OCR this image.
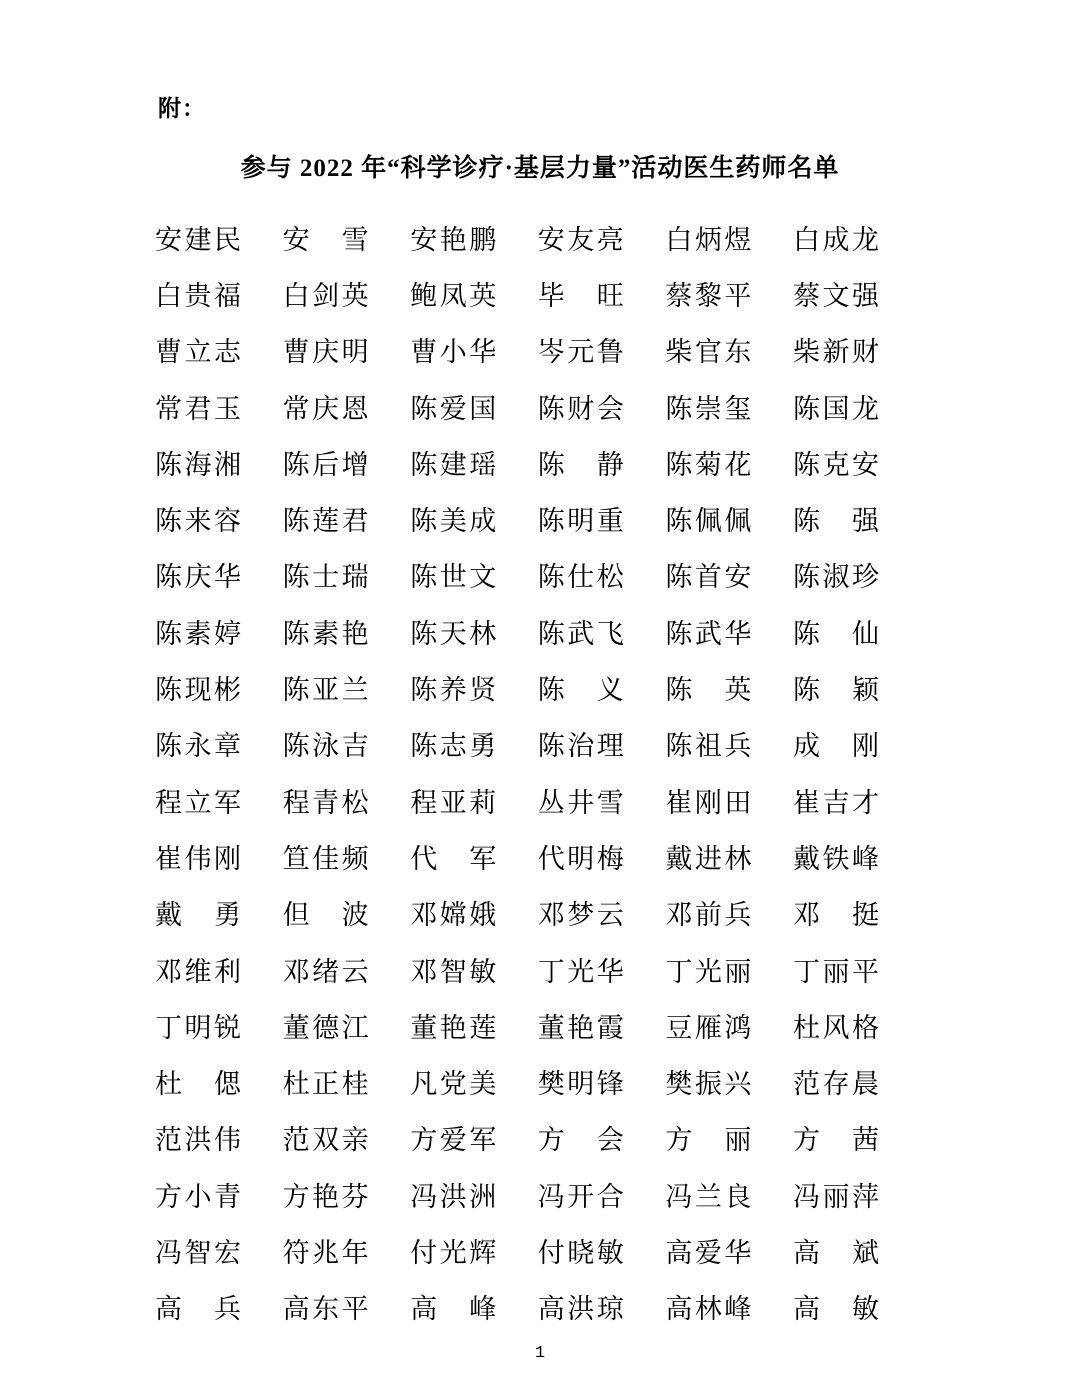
附：
参与 2022 年“科学诊疗·基层力量”活动医生药师名单
安 建 民 安 雪 安 艳 鹏 安 友 亮 白 炳 煜 白 成 龙
白 贵 福 白 剑 英 鲍 凤 英 毕 旺 蔡 黎 平 蔡 文 强
曹 立 志 曹 庆 明 曹 小 华 岑 元 鲁 柴 官 东 柴 新 财
常 君 玉 常 庆 恩 陈 爱 国 陈 财 会 陈 崇 玺 陈 国 龙
陈 海 湘 陈 后 增 陈 建 瑶 陈 静 陈 菊 花 陈 克 安
陈 来 容 陈 莲 君 陈 美 成 陈 明 重 陈 佩 佩 陈 强
陈 庆 华 陈 士 瑞 陈 世 文 陈 仕 松 陈 首 安 陈 淑 珍
陈 素 婷 陈 素 艳 陈 天 林 陈 武 飞 陈 武 华 陈 仙
陈 现 彬 陈 亚 兰 陈 养 贤 陈 义 陈 英 陈 颖
陈 永 章 陈 泳 吉 陈 志 勇 陈 治 理 陈 祖 兵 成 刚
程 立 军 程 青 松 程 亚 莉 丛 井 雪 崔 刚 田 崔 吉 才
崔 伟 刚 笪 佳 频 代 军 代 明 梅 戴 进 林 戴 铁 峰
戴 勇 但 波 邓 嫦 娥 邓 梦 云 邓 前 兵 邓 挺
邓 维 利 邓 绪 云 邓 智 敏 丁 光 华 丁 光 丽 丁 丽 平
丁 明 锐 董 德 江 董 艳 莲 董 艳 霞 豆 雁 鸿 杜 风 格
杜 偲 杜 正 桂 凡 党 美 樊 明 锋 樊 振 兴 范 存 晨
范 洪 伟 范 双 亲 方 爱 军 方 会 方 丽 方 茜
方 小 青 方 艳 芬 冯 洪 洲 冯 开 合 冯 兰 良 冯 丽 萍
冯 智 宏 符 兆 年 付 光 辉 付 晓 敏 高 爱 华 高 斌
高 兵 高 东 平 高 峰 高 洪 琼 高 林 峰 高 敏
1
